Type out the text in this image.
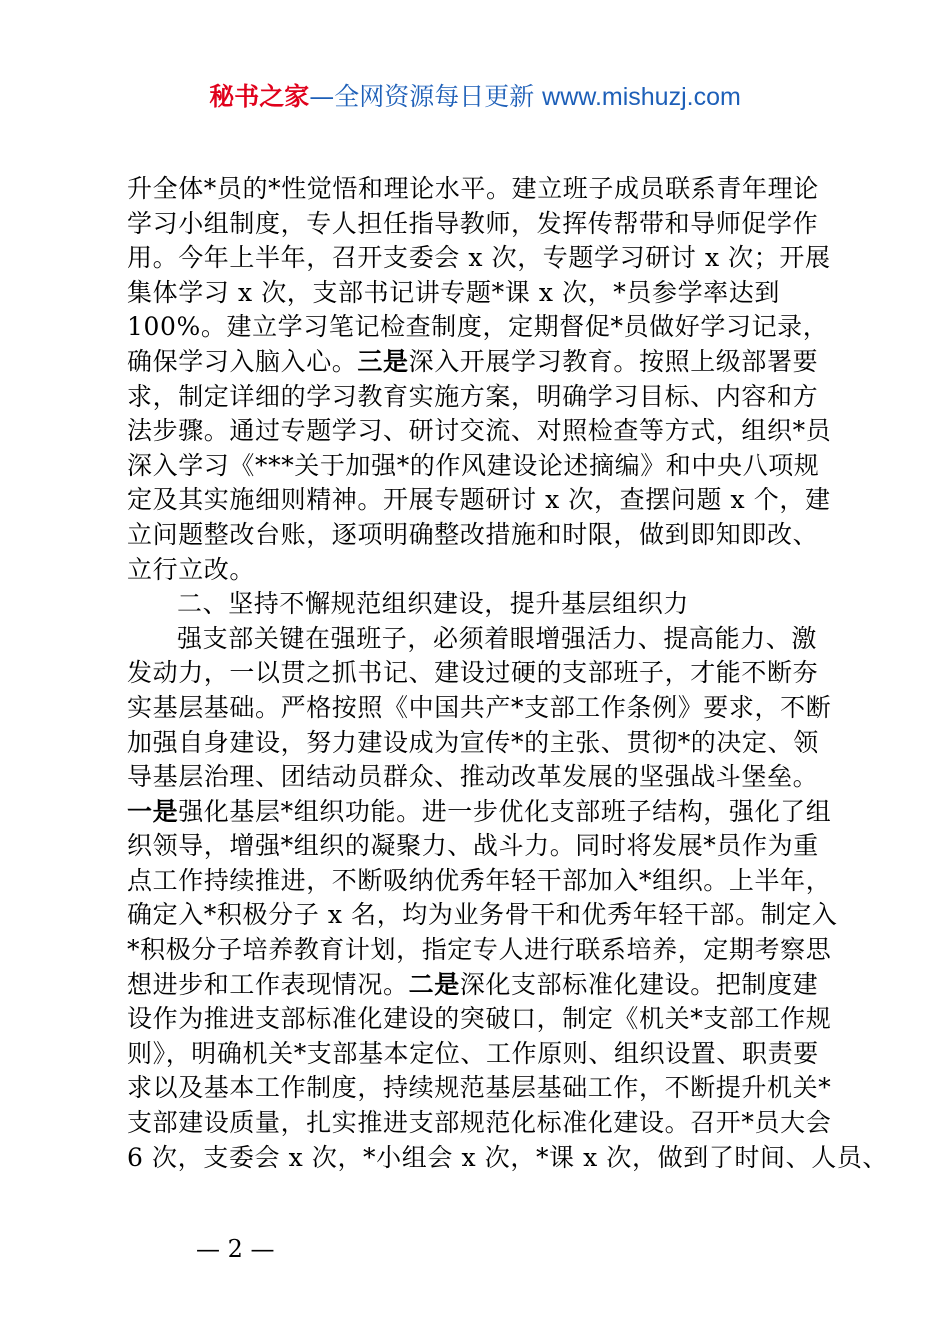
秘书之家—全网资源每日更新 www.mishuzj.com
升全体*员的*性觉悟和理论水平。建立班子成员联系青年理论
学习小组制度，专人担任指导教师，发挥传帮带和导师促学作
用。今年上半年，召开支委会 x 次，专题学习研讨 x 次；开展
集体学习 x 次，支部书记讲专题*课 x 次，*员参学率达到
100%。建立学习笔记检查制度，定期督促*员做好学习记录，
确保学习入脑入心。三是深入开展学习教育。按照上级部署要
求，制定详细的学习教育实施方案，明确学习目标、内容和方
法步骤。通过专题学习、研讨交流、对照检查等方式，组织*员
深入学习《***关于加强*的作风建设论述摘编》和中央八项规
定及其实施细则精神。开展专题研讨 x 次，查摆问题 x 个，建
立问题整改台账，逐项明确整改措施和时限，做到即知即改、
立行立改。
二、坚持不懈规范组织建设，提升基层组织力
强支部关键在强班子，必须着眼增强活力、提高能力、激
发动力，一以贯之抓书记、建设过硬的支部班子，才能不断夯
实基层基础。严格按照《中国共产*支部工作条例》要求，不断
加强自身建设，努力建设成为宣传*的主张、贯彻*的决定、领
导基层治理、团结动员群众、推动改革发展的坚强战斗堡垒。
一是强化基层*组织功能。进一步优化支部班子结构，强化了组
织领导，增强*组织的凝聚力、战斗力。同时将发展*员作为重
点工作持续推进，不断吸纳优秀年轻干部加入*组织。上半年，
确定入*积极分子 x 名，均为业务骨干和优秀年轻干部。制定入
*积极分子培养教育计划，指定专人进行联系培养，定期考察思
想进步和工作表现情况。二是深化支部标准化建设。把制度建
设作为推进支部标准化建设的突破口，制定《机关*支部工作规
则》，明确机关*支部基本定位、工作原则、组织设置、职责要
求以及基本工作制度，持续规范基层基础工作，不断提升机关*
支部建设质量，扎实推进支部规范化标准化建设。召开*员大会
6 次，支委会 x 次，*小组会 x 次，*课 x 次，做到了时间、人员、
— 2 —
